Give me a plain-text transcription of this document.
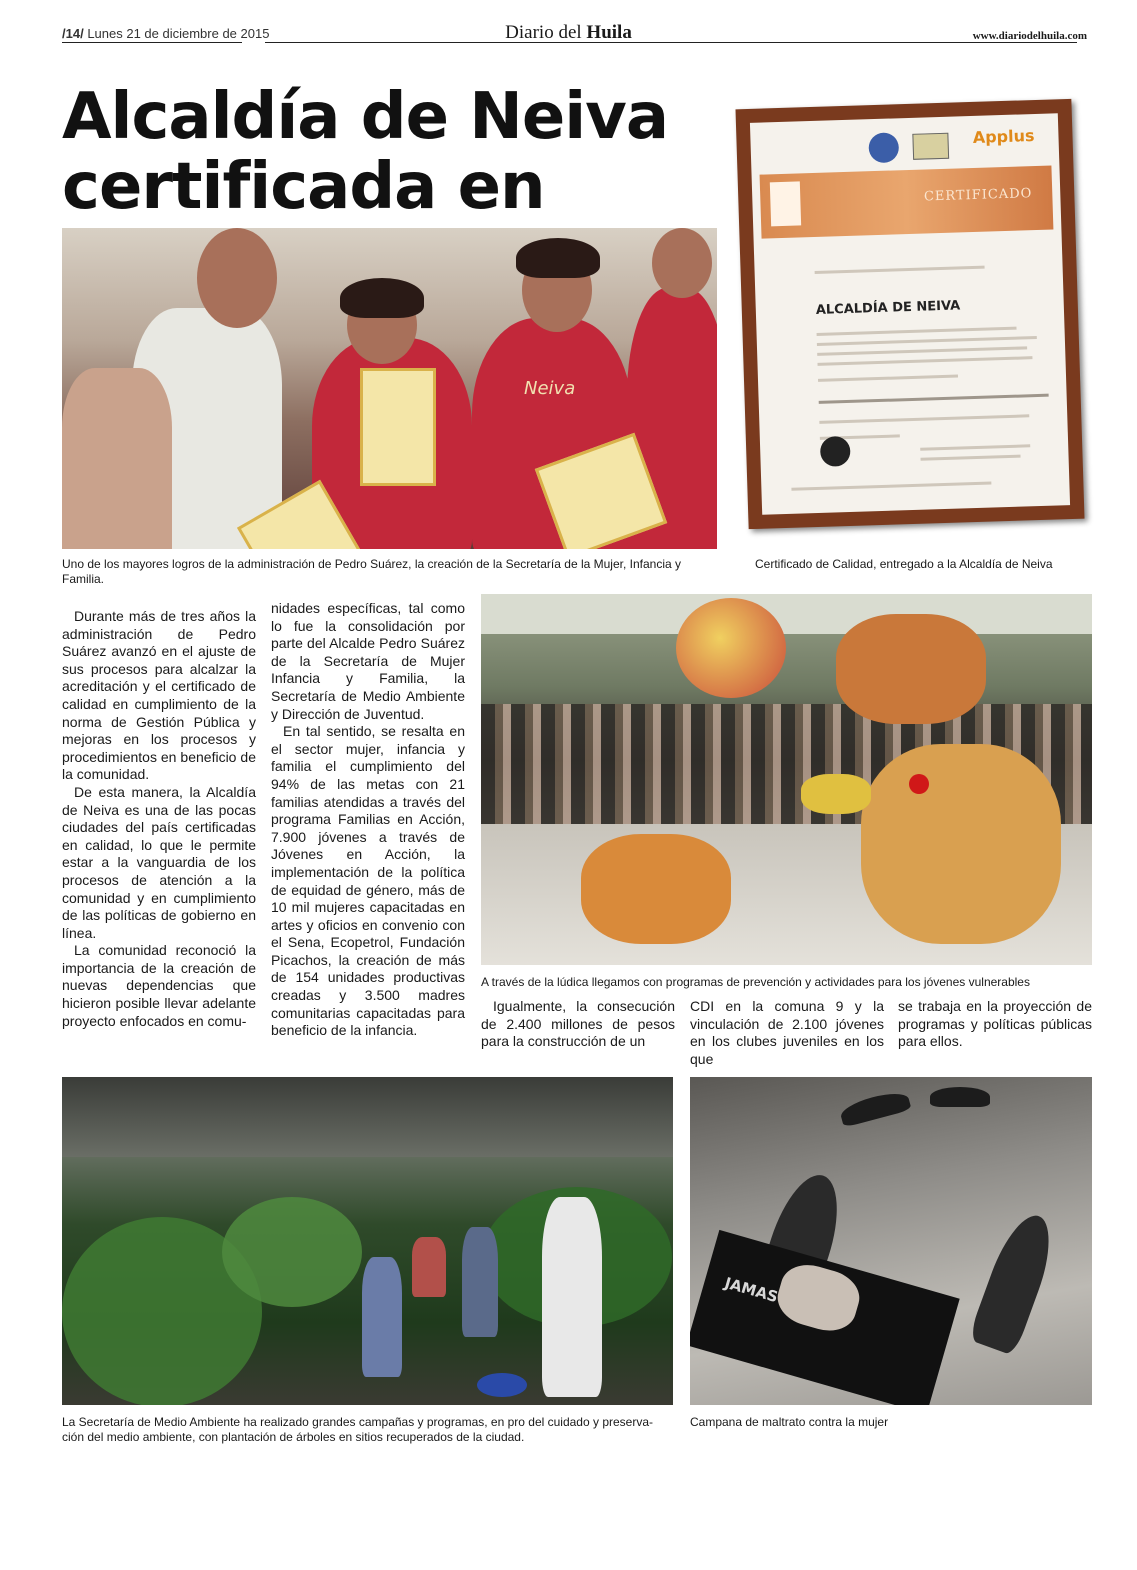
/14/ Lunes 21 de diciembre de 2015	Diario del Huila	www.diariodelhuila.com
Alcaldía de Neiva
certificada en
Neiva
Uno de los mayores logros de la administración de Pedro Suárez, la creación de la Secretaría de la Mujer, Infancia y Familia.
Applus
CERTIFICADO
ALCALDÍA DE NEIVA
Certificado de Calidad, entregado a la Alcaldía de Neiva

Durante más de tres años la administración de Pedro Suárez avanzó en el ajuste de sus procesos para alcalzar la acreditación y el certificado de calidad en cumplimiento de la norma de Gestión Pública y mejoras en los procesos y procedimientos en beneficio de la comunidad.

De esta manera, la Alcaldía de Neiva es una de las pocas ciudades del país certificadas en calidad, lo que le permite estar a la vanguardia de los procesos de atención a la comunidad y en cumplimiento de las políticas de gobierno en línea.

La comunidad reconoció la importancia de la creación de nuevas dependencias que hicieron posible llevar adelante proyecto enfocados en comu-

nidades específicas, tal como lo fue la consolidación por parte del Alcalde Pedro Suárez de la Secretaría de Mujer Infancia y Familia, la Secretaría de Medio Ambiente y Dirección de Juventud.

En tal sentido, se resalta en el sector mujer, infancia y familia el cumplimiento del 94% de las metas con 21 familias atendidas a través del programa Familias en Acción, 7.900 jóvenes a través de Jóvenes en Acción, la implementación de la política de equidad de género, más de 10 mil mujeres capacitadas en artes y oficios en convenio con el Sena, Ecopetrol, Fundación Picachos, la creación de más de 154 unidades productivas creadas y 3.500 madres comunitarias capacitadas para beneficio de la infancia.

A través de la lúdica llegamos con programas de prevención y actividades para los jóvenes vulnerables

Igualmente, la consecución de 2.400 millones de pesos para la construcción de un

CDI en la comuna 9 y la vinculación de 2.100 jóvenes en los clubes juveniles en los que

se trabaja en la proyección de programas y políticas públicas para ellos.

La Secretaría de Medio Ambiente ha realizado grandes campañas y programas, en pro del cuidado y preserva-
ción del medio ambiente, con plantación de árboles en sitios recuperados de la ciudad.
JAMAS
Campana de maltrato contra la mujer
